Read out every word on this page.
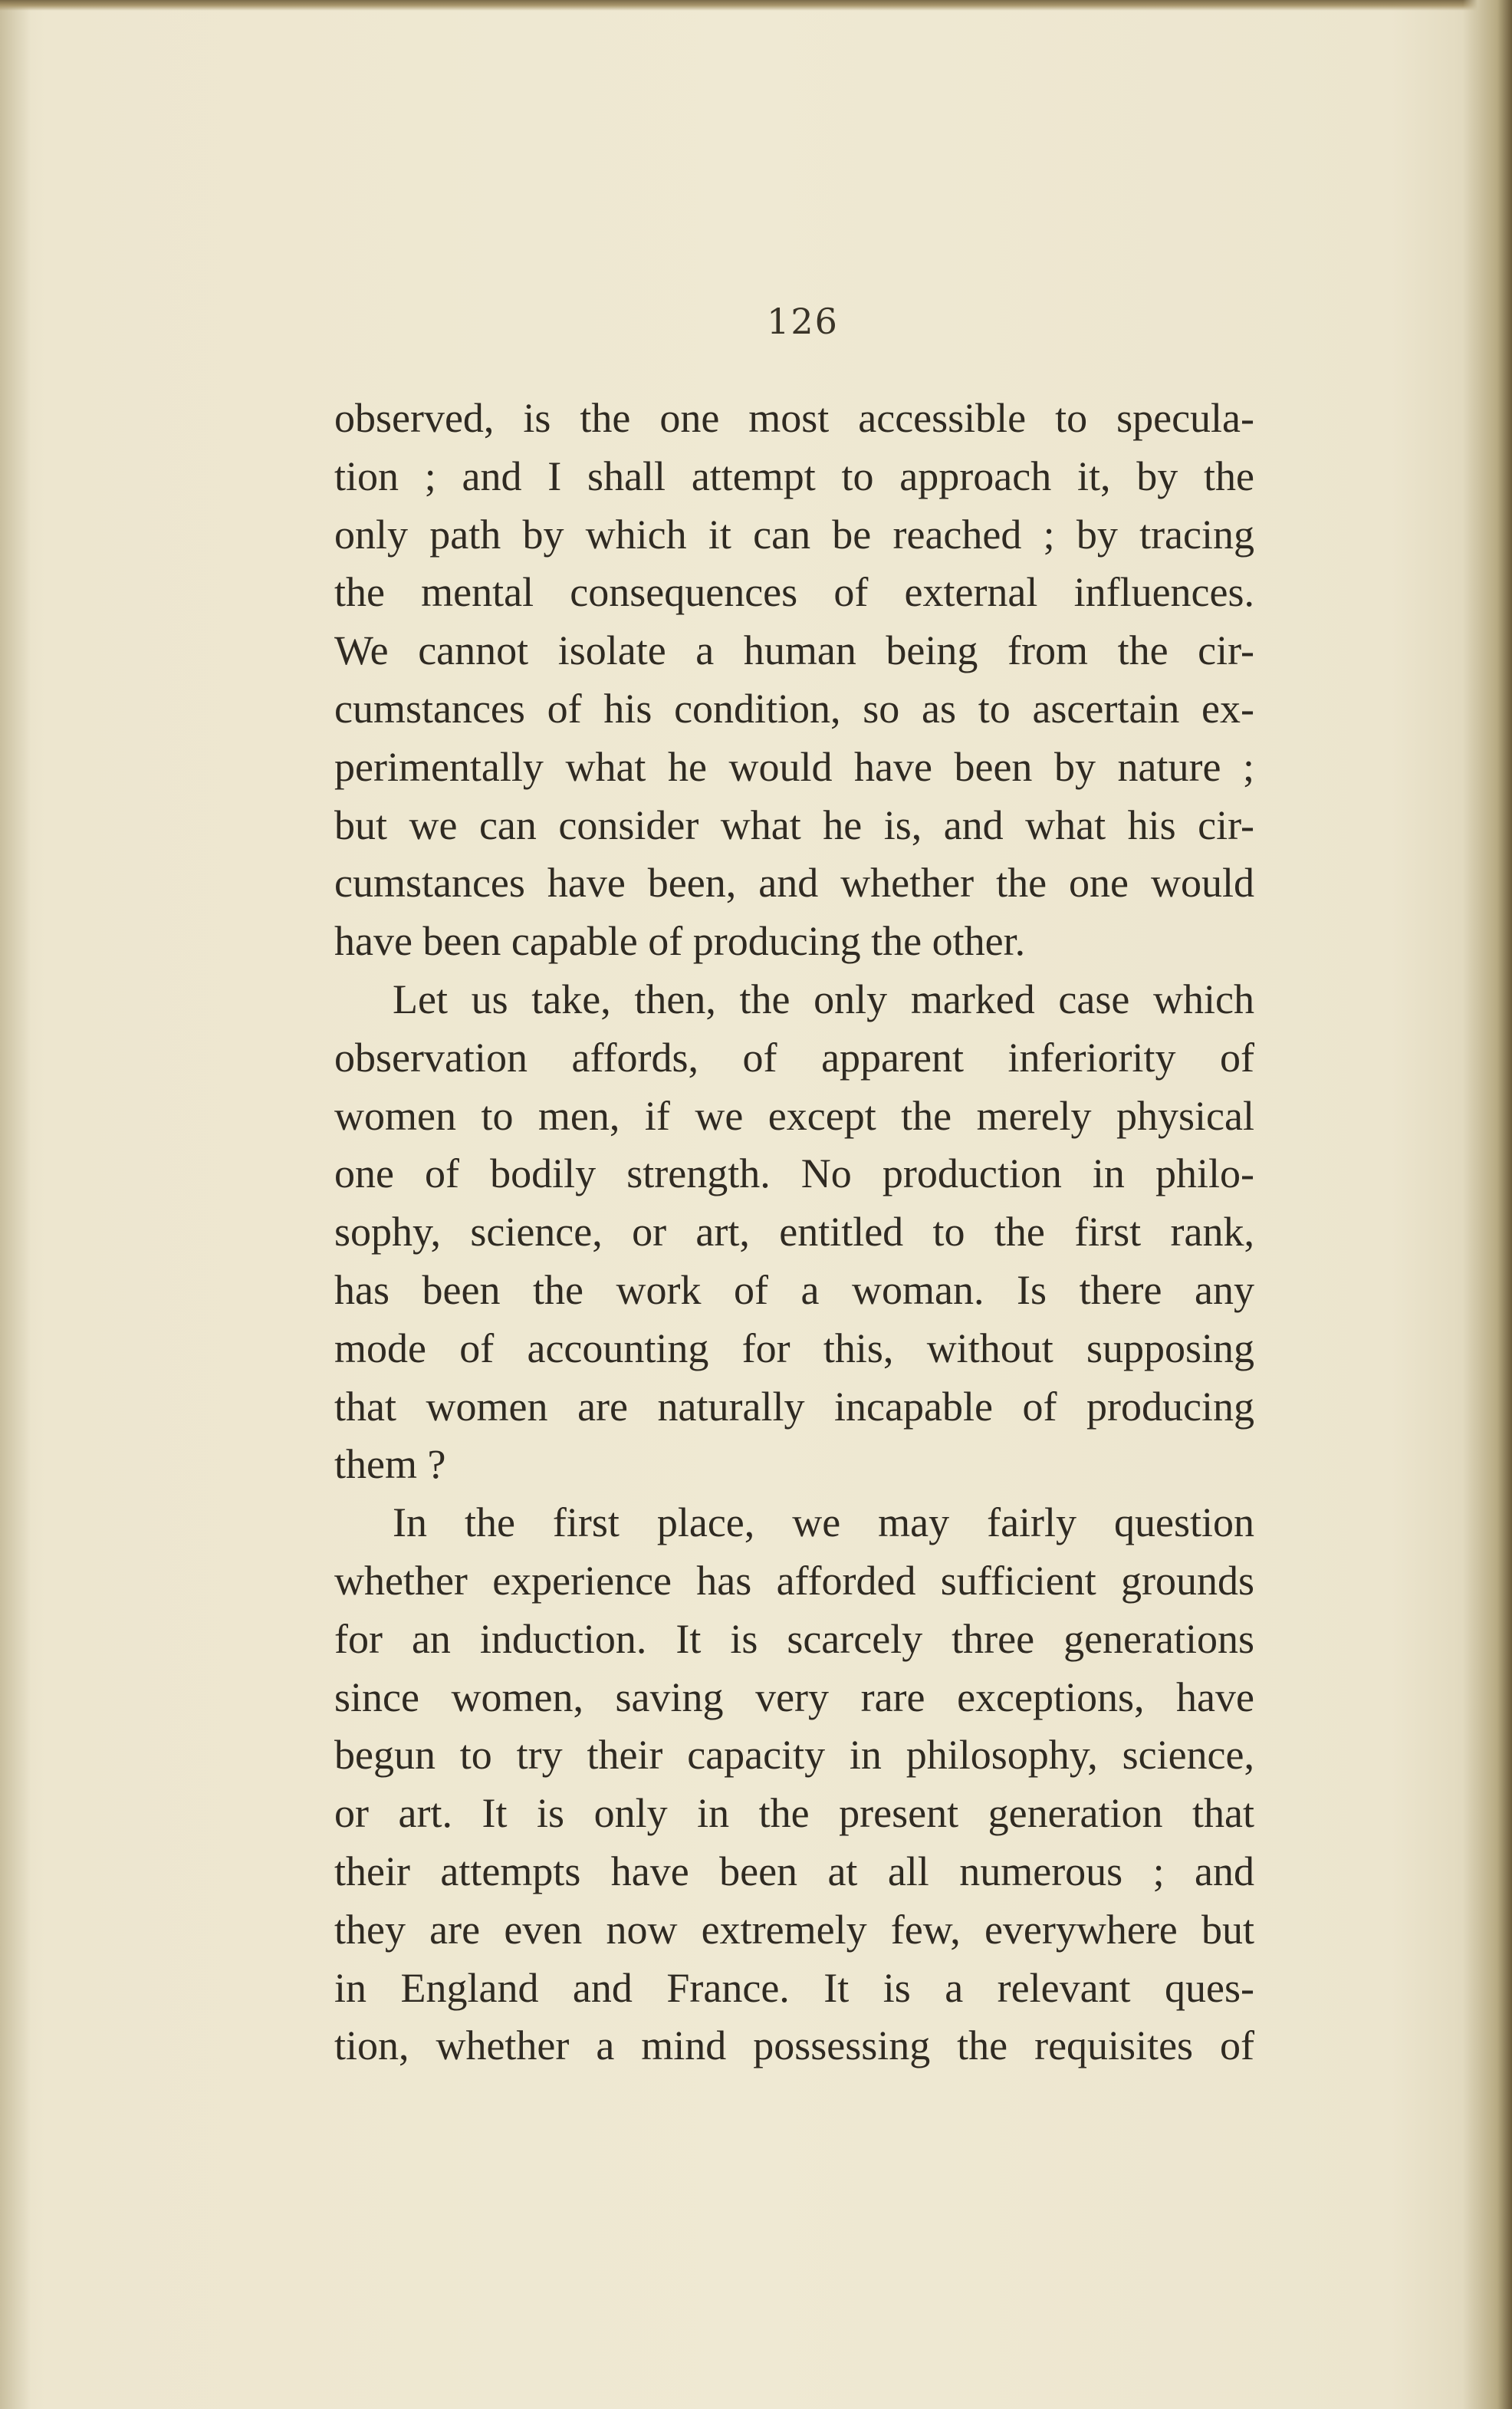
126
observed, is the one most accessible to specula-
tion ; and I shall attempt to approach it, by the
only path by which it can be reached ; by tracing
the mental consequences of external influences.
We cannot isolate a human being from the cir-
cumstances of his condition, so as to ascertain ex-
perimentally what he would have been by nature ;
but we can consider what he is, and what his cir-
cumstances have been, and whether the one would
have been capable of producing the other.
Let us take, then, the only marked case which
observation affords, of apparent inferiority of
women to men, if we except the merely physical
one of bodily strength. No production in philo-
sophy, science, or art, entitled to the first rank,
has been the work of a woman. Is there any
mode of accounting for this, without supposing
that women are naturally incapable of producing
them ?
In the first place, we may fairly question
whether experience has afforded sufficient grounds
for an induction. It is scarcely three generations
since women, saving very rare exceptions, have
begun to try their capacity in philosophy, science,
or art. It is only in the present generation that
their attempts have been at all numerous ; and
they are even now extremely few, everywhere but
in England and France. It is a relevant ques-
tion, whether a mind possessing the requisites of
